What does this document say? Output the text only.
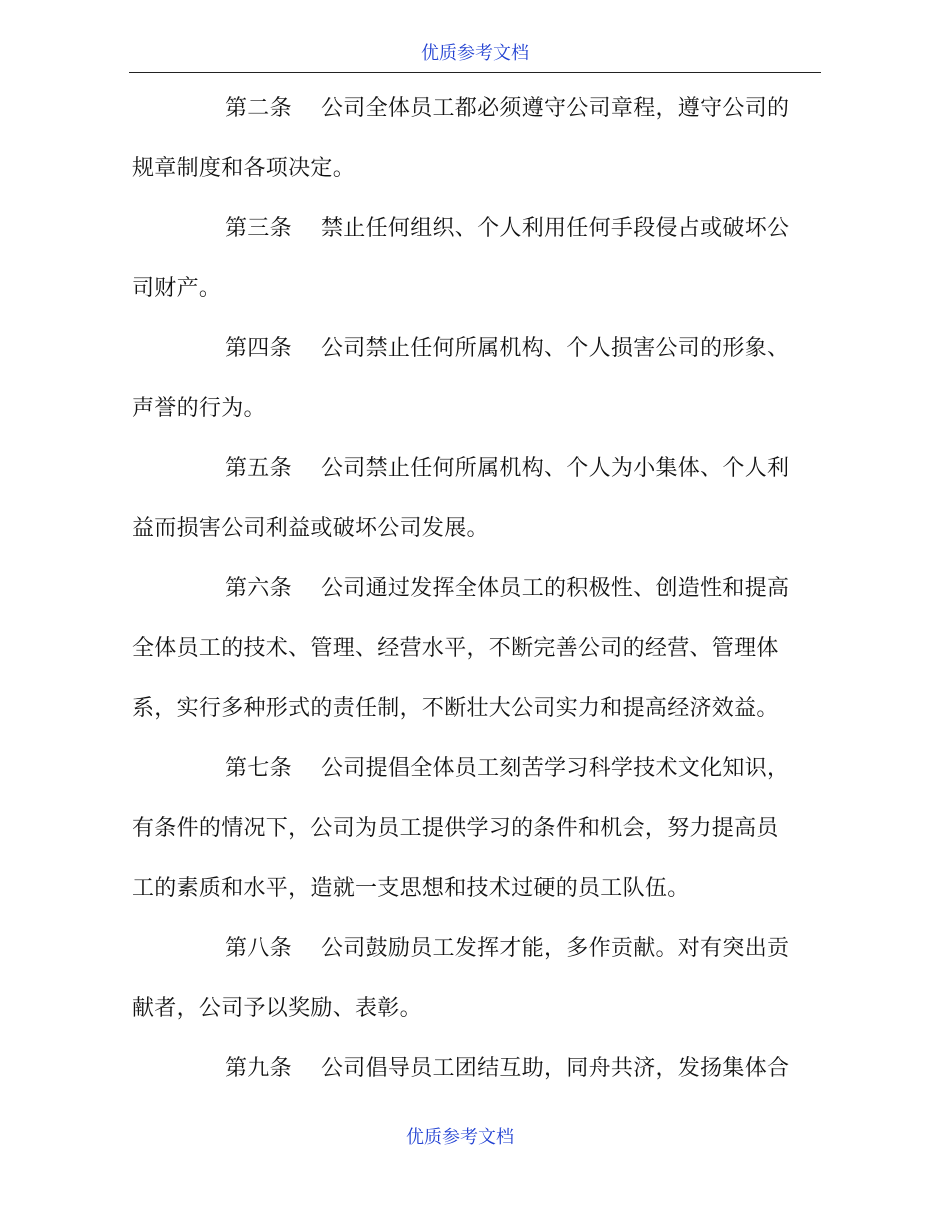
优质参考文档
第二条 公司全体员工都必须遵守公司章程，遵守公司的
规章制度和各项决定。
第三条 禁止任何组织、个人利用任何手段侵占或破坏公
司财产。
第四条 公司禁止任何所属机构、个人损害公司的形象、
声誉的行为。
第五条 公司禁止任何所属机构、个人为小集体、个人利
益而损害公司利益或破坏公司发展。
第六条 公司通过发挥全体员工的积极性、创造性和提高
全体员工的技术、管理、经营水平，不断完善公司的经营、管理体
系，实行多种形式的责任制，不断壮大公司实力和提高经济效益。
第七条 公司提倡全体员工刻苦学习科学技术文化知识，
有条件的情况下，公司为员工提供学习的条件和机会，努力提高员
工的素质和水平，造就一支思想和技术过硬的员工队伍。
第八条 公司鼓励员工发挥才能，多作贡献。对有突出贡
献者，公司予以奖励、表彰。
第九条 公司倡导员工团结互助，同舟共济，发扬集体合
优质参考文档
